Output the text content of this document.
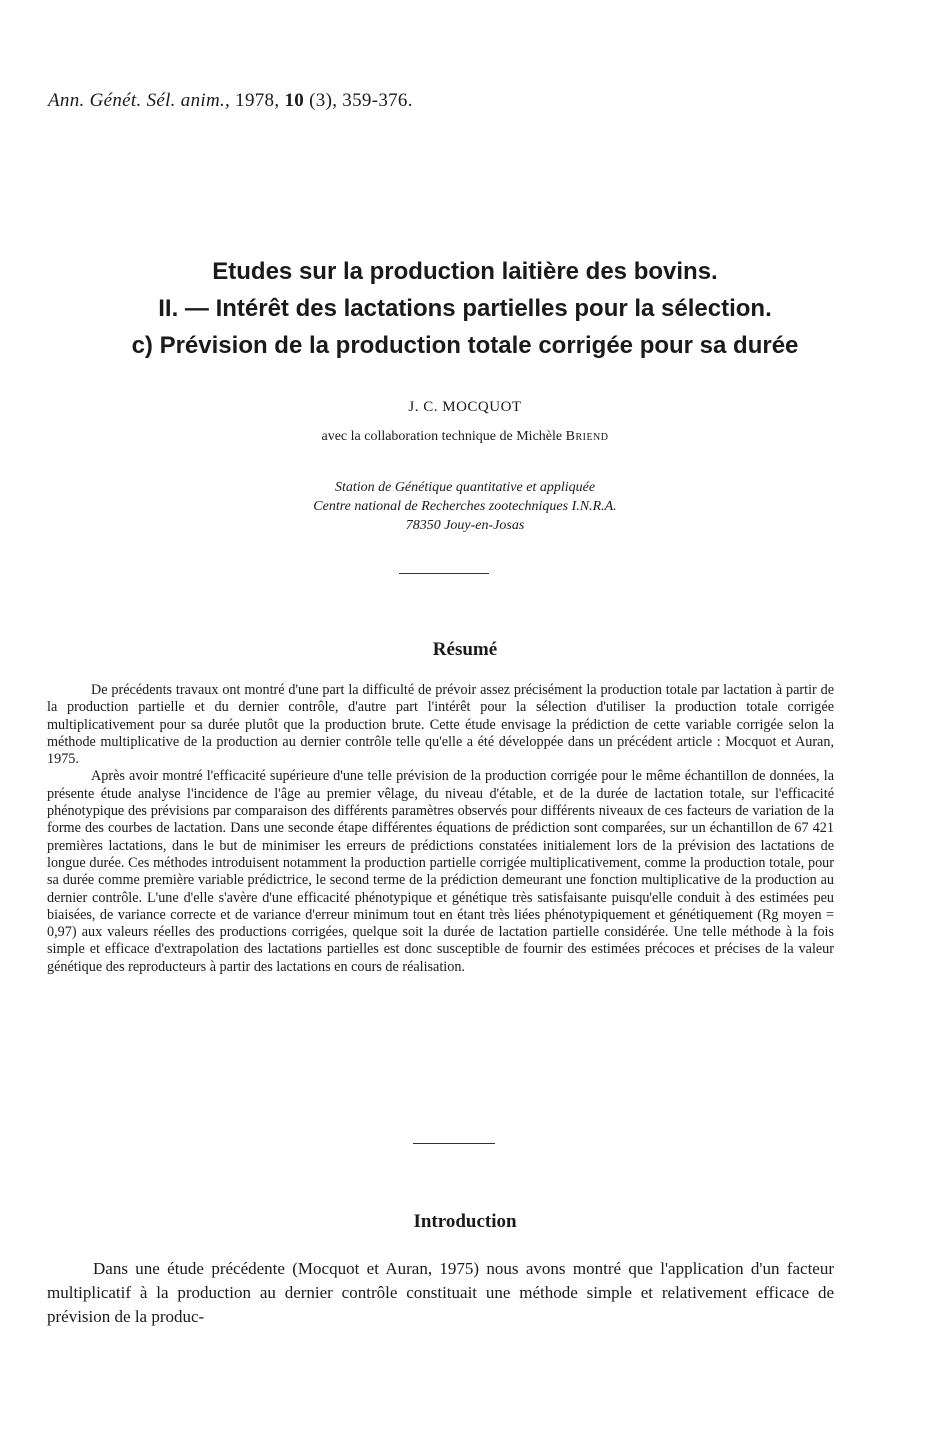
Ann. Génét. Sél. anim., 1978, 10 (3), 359-376.
Etudes sur la production laitière des bovins.
II. — Intérêt des lactations partielles pour la sélection.
c) Prévision de la production totale corrigée pour sa durée
J. C. MOCQUOT
avec la collaboration technique de Michèle Briend
Station de Génétique quantitative et appliquée
Centre national de Recherches zootechniques I.N.R.A.
78350 Jouy-en-Josas
Résumé

De précédents travaux ont montré d'une part la difficulté de prévoir assez précisément la production totale par lactation à partir de la production partielle et du dernier contrôle, d'autre part l'intérêt pour la sélection d'utiliser la production totale corrigée multiplicativement pour sa durée plutôt que la production brute. Cette étude envisage la prédiction de cette variable corrigée selon la méthode multiplicative de la production au dernier contrôle telle qu'elle a été développée dans un précédent article : Mocquot et Auran, 1975.

Après avoir montré l'efficacité supérieure d'une telle prévision de la production corrigée pour le même échantillon de données, la présente étude analyse l'incidence de l'âge au premier vêlage, du niveau d'étable, et de la durée de lactation totale, sur l'efficacité phénotypique des prévisions par comparaison des différents paramètres observés pour différents niveaux de ces facteurs de variation de la forme des courbes de lactation. Dans une seconde étape différentes équations de prédiction sont comparées, sur un échantillon de 67 421 premières lactations, dans le but de minimiser les erreurs de prédictions constatées initialement lors de la prévision des lactations de longue durée. Ces méthodes introduisent notamment la production partielle corrigée multiplicativement, comme la production totale, pour sa durée comme première variable prédictrice, le second terme de la prédiction demeurant une fonction multiplicative de la production au dernier contrôle. L'une d'elle s'avère d'une efficacité phénotypique et génétique très satisfaisante puisqu'elle conduit à des estimées peu biaisées, de variance correcte et de variance d'erreur minimum tout en étant très liées phénotypiquement et génétiquement (Rg moyen = 0,97) aux valeurs réelles des productions corrigées, quelque soit la durée de lactation partielle considérée. Une telle méthode à la fois simple et efficace d'extrapolation des lactations partielles est donc susceptible de fournir des estimées précoces et précises de la valeur génétique des reproducteurs à partir des lactations en cours de réalisation.

Introduction

Dans une étude précédente (Mocquot et Auran, 1975) nous avons montré que l'application d'un facteur multiplicatif à la production au dernier contrôle constituait une méthode simple et relativement efficace de prévision de la produc-
